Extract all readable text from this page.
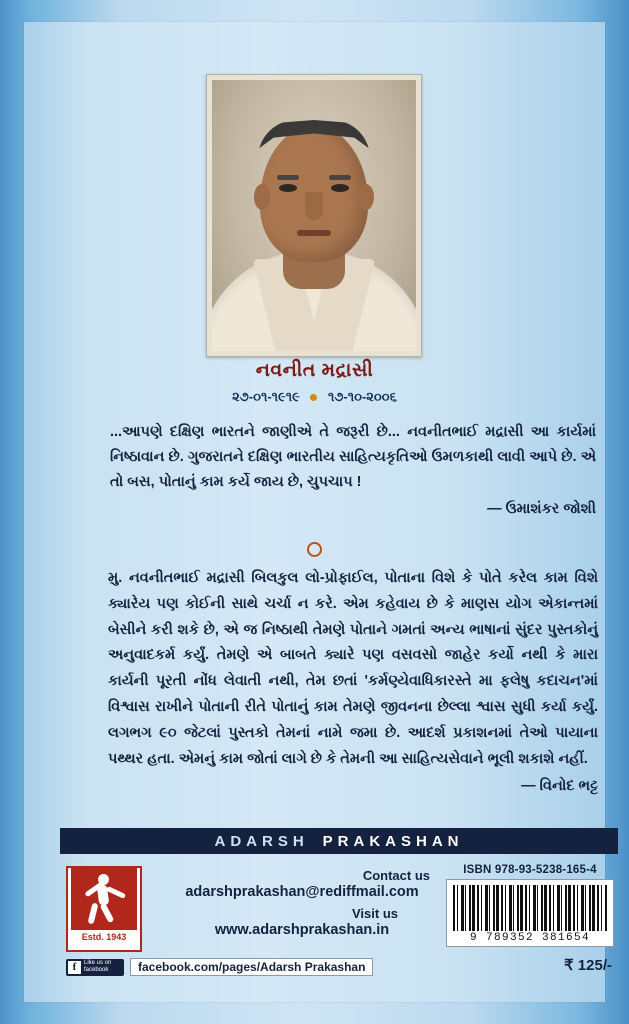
નવનીત મદ્રાસી
૨૭-૦૧-૧૯૧૯ ૧૭-૧૦-૨૦૦૬
...આપણે દક્ષિણ ભારતને જાણીએ તે જરૂરી છે... નવનીતભાઈ મદ્રાસી આ કાર્યમાં નિષ્ઠાવાન છે. ગુજરાતને દક્ષિણ ભારતીય સાહિત્યકૃતિઓ ઉમળકાથી લાવી આપે છે. એ તો બસ, પોતાનું કામ કર્યે જાય છે, ચુપચાપ !
— ઉમાશંકર જોશી
મુ. નવનીતભાઈ મદ્રાસી બિલકુલ લો-પ્રોફાઈલ, પોતાના વિશે કે પોતે કરેલ કામ વિશે ક્યારેય પણ કોઈની સાથે ચર્ચા ન કરે. એમ કહેવાય છે કે માણસ યોગ એકાન્તમાં બેસીને કરી શકે છે, એ જ નિષ્ઠાથી તેમણે પોતાને ગમતાં અન્ય ભાષાનાં સુંદર પુસ્તકોનું અનુવાદકર્મ કર્યું. તેમણે એ બાબતે ક્યારે પણ વસવસો જાહેર કર્યો નથી કે મારા કાર્યની પૂરતી નોંધ લેવાતી નથી, તેમ છતાં 'કર્મણ્યેવાધિકારસ્તે મા ફલેષુ કદાચન'માં વિશ્વાસ રાખીને પોતાની રીતે પોતાનું કામ તેમણે જીવનના છેલ્લા શ્વાસ સુધી કર્યા કર્યું. લગભગ ૯૦ જેટલાં પુસ્તકો તેમનાં નામે જમા છે. આદર્શ પ્રકાશનમાં તેઓ પાયાના પથ્થર હતા. એમનું કામ જોતાં લાગે છે કે તેમની આ સાહિત્યસેવાને ભૂલી શકાશે નહીં.
— વિનોદ ભટ્ટ
ADARSH PRAKASHAN
Estd. 1943
Contact us
adarshprakashan@rediffmail.com
Visit us
www.adarshprakashan.in
ISBN 978-93-5238-165-4
9 789352 381654
f	Like us on
facebook	facebook.com/pages/Adarsh Prakashan	₹ 125/-
